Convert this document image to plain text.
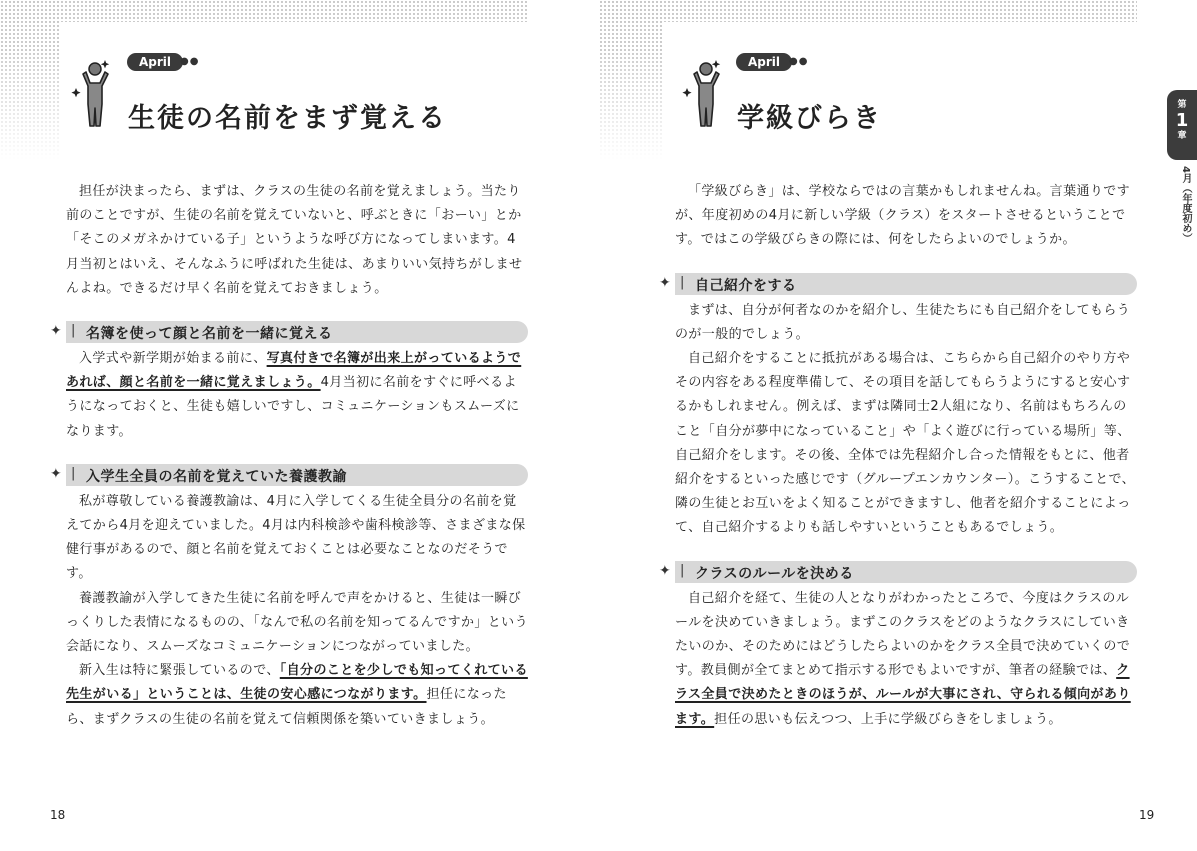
April ●●
生徒の名前をまず覚える

担任が決まったら、まずは、クラスの生徒の名前を覚えましょう。当たり前のことですが、生徒の名前を覚えていないと、呼ぶときに「おーい」とか「そこのメガネかけている子」というような呼び方になってしまいます。4月当初とはいえ、そんなふうに呼ばれた生徒は、あまりいい気持ちがしませんよね。できるだけ早く名前を覚えておきましょう。

✦ | 名簿を使って顔と名前を一緒に覚える

入学式や新学期が始まる前に、写真付きで名簿が出来上がっているようであれば、顔と名前を一緒に覚えましょう。4月当初に名前をすぐに呼べるようになっておくと、生徒も嬉しいですし、コミュニケーションもスムーズになります。

✦ | 入学生全員の名前を覚えていた養護教諭

私が尊敬している養護教諭は、4月に入学してくる生徒全員分の名前を覚えてから4月を迎えていました。4月は内科検診や歯科検診等、さまざまな保健行事があるので、顔と名前を覚えておくことは必要なことなのだそうです。

養護教諭が入学してきた生徒に名前を呼んで声をかけると、生徒は一瞬びっくりした表情になるものの、「なんで私の名前を知ってるんですか」という会話になり、スムーズなコミュニケーションにつながっていました。

新入生は特に緊張しているので、「自分のことを少しでも知ってくれている先生がいる」ということは、生徒の安心感につながります。担任になったら、まずクラスの生徒の名前を覚えて信頼関係を築いていきましょう。

18
April ●●
学級びらき

「学級びらき」は、学校ならではの言葉かもしれませんね。言葉通りですが、年度初めの4月に新しい学級（クラス）をスタートさせるということです。ではこの学級びらきの際には、何をしたらよいのでしょうか。

✦ | 自己紹介をする

まずは、自分が何者なのかを紹介し、生徒たちにも自己紹介をしてもらうのが一般的でしょう。

自己紹介をすることに抵抗がある場合は、こちらから自己紹介のやり方やその内容をある程度準備して、その項目を話してもらうようにすると安心するかもしれません。例えば、まずは隣同士2人組になり、名前はもちろんのこと「自分が夢中になっていること」や「よく遊びに行っている場所」等、自己紹介をします。その後、全体では先程紹介し合った情報をもとに、他者紹介をするといった感じです（グループエンカウンター）。こうすることで、隣の生徒とお互いをよく知ることができますし、他者を紹介することによって、自己紹介するよりも話しやすいということもあるでしょう。

✦ | クラスのルールを決める

自己紹介を経て、生徒の人となりがわかったところで、今度はクラスのルールを決めていきましょう。まずこのクラスをどのようなクラスにしていきたいのか、そのためにはどうしたらよいのかをクラス全員で決めていくのです。教員側が全てまとめて指示する形でもよいですが、筆者の経験では、クラス全員で決めたときのほうが、ルールが大事にされ、守られる傾向があります。担任の思いも伝えつつ、上手に学級びらきをしましょう。

19
第
1
章
4月（年度初め）
